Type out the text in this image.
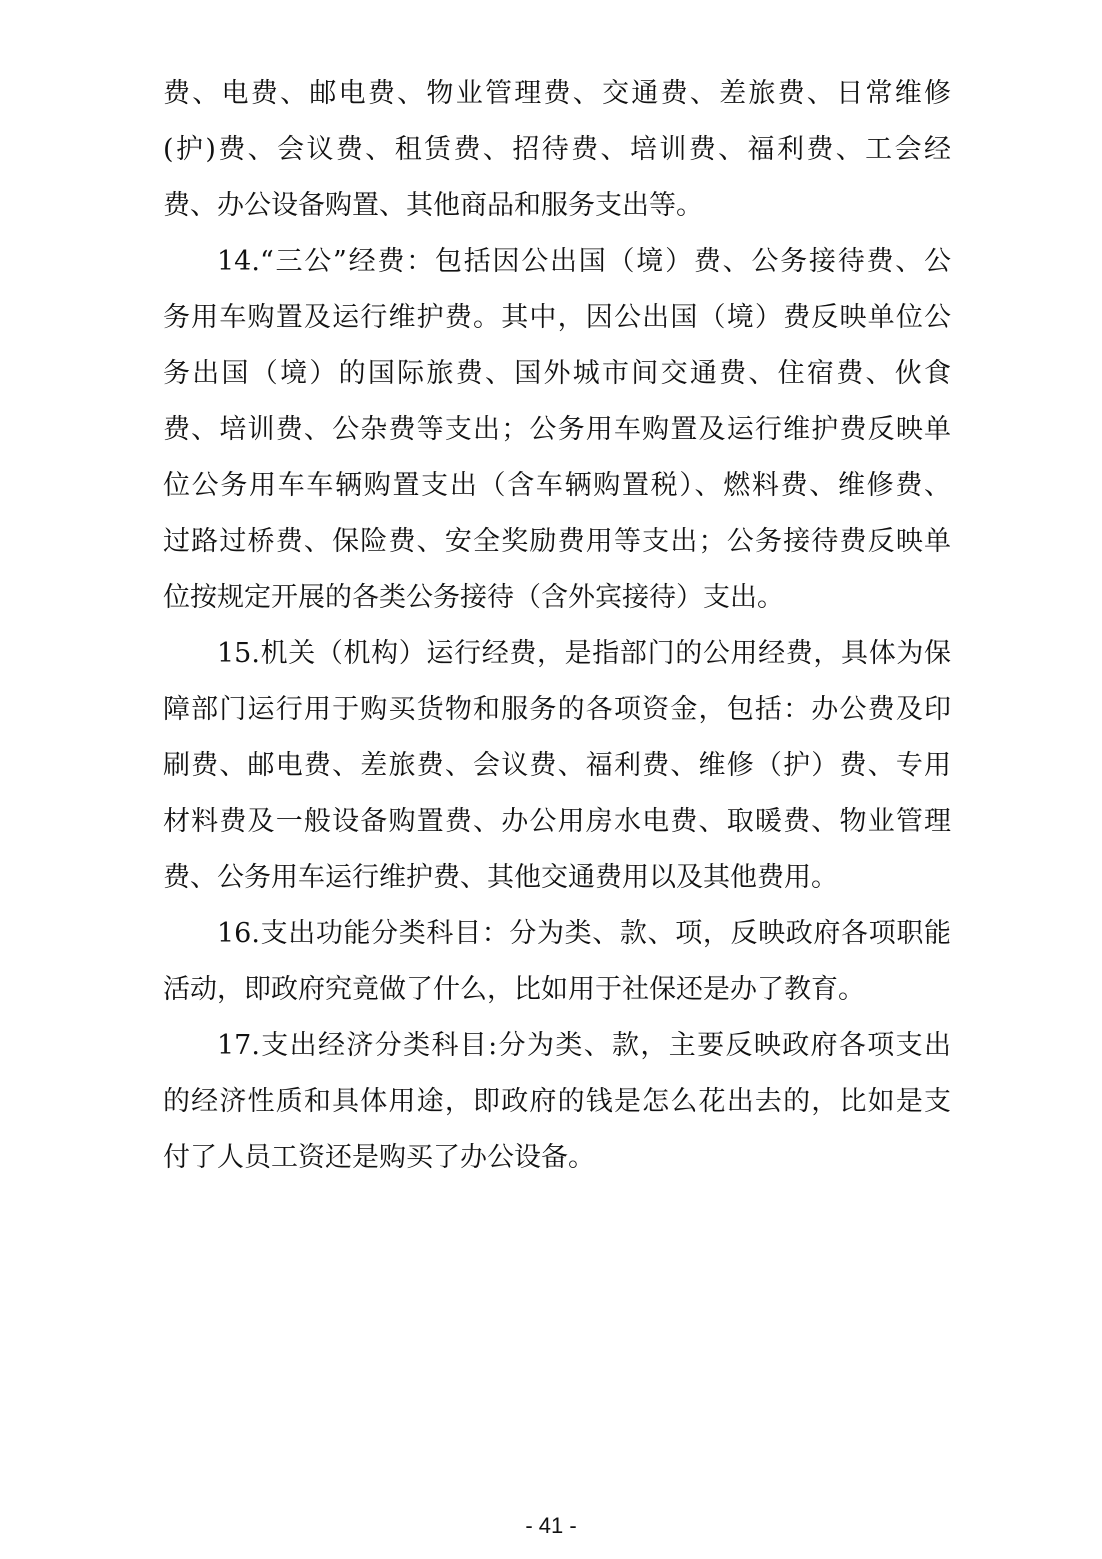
费、电费、邮电费、物业管理费、交通费、差旅费、日常维修
(护)费、会议费、租赁费、招待费、培训费、福利费、工会经
费、办公设备购置、其他商品和服务支出等。
14.“三公”经费：包括因公出国（境）费、公务接待费、公
务用车购置及运行维护费。其中，因公出国（境）费反映单位公
务出国（境）的国际旅费、国外城市间交通费、住宿费、伙食
费、培训费、公杂费等支出；公务用车购置及运行维护费反映单
位公务用车车辆购置支出（含车辆购置税）、燃料费、维修费、
过路过桥费、保险费、安全奖励费用等支出；公务接待费反映单
位按规定开展的各类公务接待（含外宾接待）支出。
15.机关（机构）运行经费，是指部门的公用经费，具体为保
障部门运行用于购买货物和服务的各项资金，包括：办公费及印
刷费、邮电费、差旅费、会议费、福利费、维修（护）费、专用
材料费及一般设备购置费、办公用房水电费、取暖费、物业管理
费、公务用车运行维护费、其他交通费用以及其他费用。
16.支出功能分类科目：分为类、款、项，反映政府各项职能
活动，即政府究竟做了什么，比如用于社保还是办了教育。
17.支出经济分类科目:分为类、款，主要反映政府各项支出
的经济性质和具体用途，即政府的钱是怎么花出去的，比如是支
付了人员工资还是购买了办公设备。
- 41 -
